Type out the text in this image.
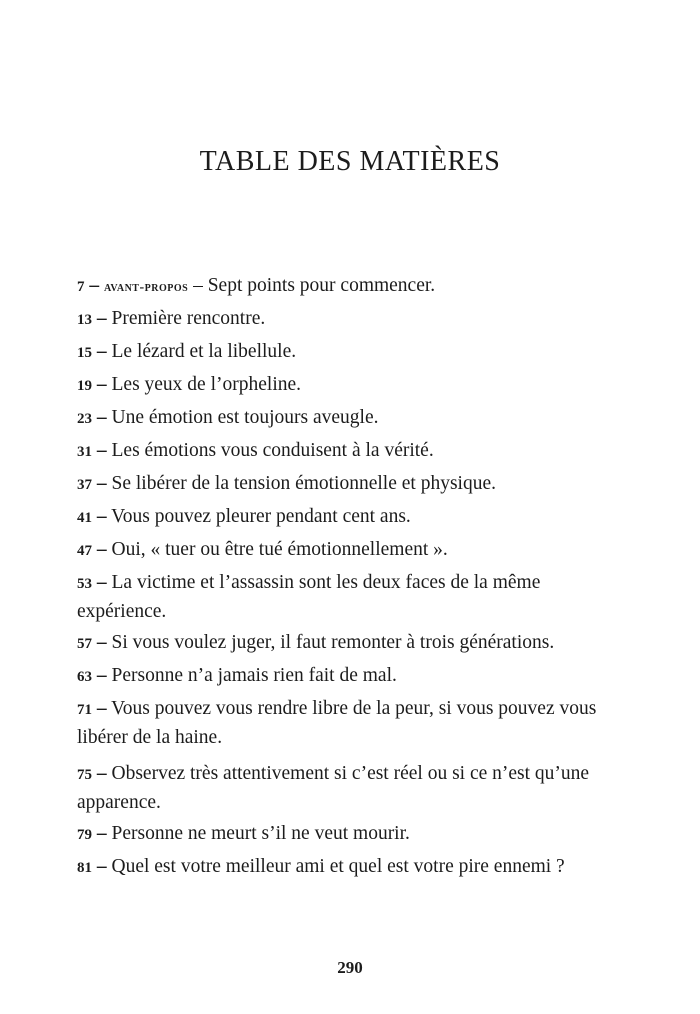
TABLE DES MATIÈRES
7 – avant-propos – Sept points pour commencer.
13 – Première rencontre.
15 – Le lézard et la libellule.
19 – Les yeux de l’orpheline.
23 – Une émotion est toujours aveugle.
31 – Les émotions vous conduisent à la vérité.
37 – Se libérer de la tension émotionnelle et physique.
41 – Vous pouvez pleurer pendant cent ans.
47 – Oui, « tuer ou être tué émotionnellement ».
53 – La victime et l’assassin sont les deux faces de la même expérience.
57 – Si vous voulez juger, il faut remonter à trois générations.
63 – Personne n’a jamais rien fait de mal.
71 – Vous pouvez vous rendre libre de la peur, si vous pouvez vous libérer de la haine.
75 – Observez très attentivement si c’est réel ou si ce n’est qu’une apparence.
79 – Personne ne meurt s’il ne veut mourir.
81 – Quel est votre meilleur ami et quel est votre pire ennemi ?

290
